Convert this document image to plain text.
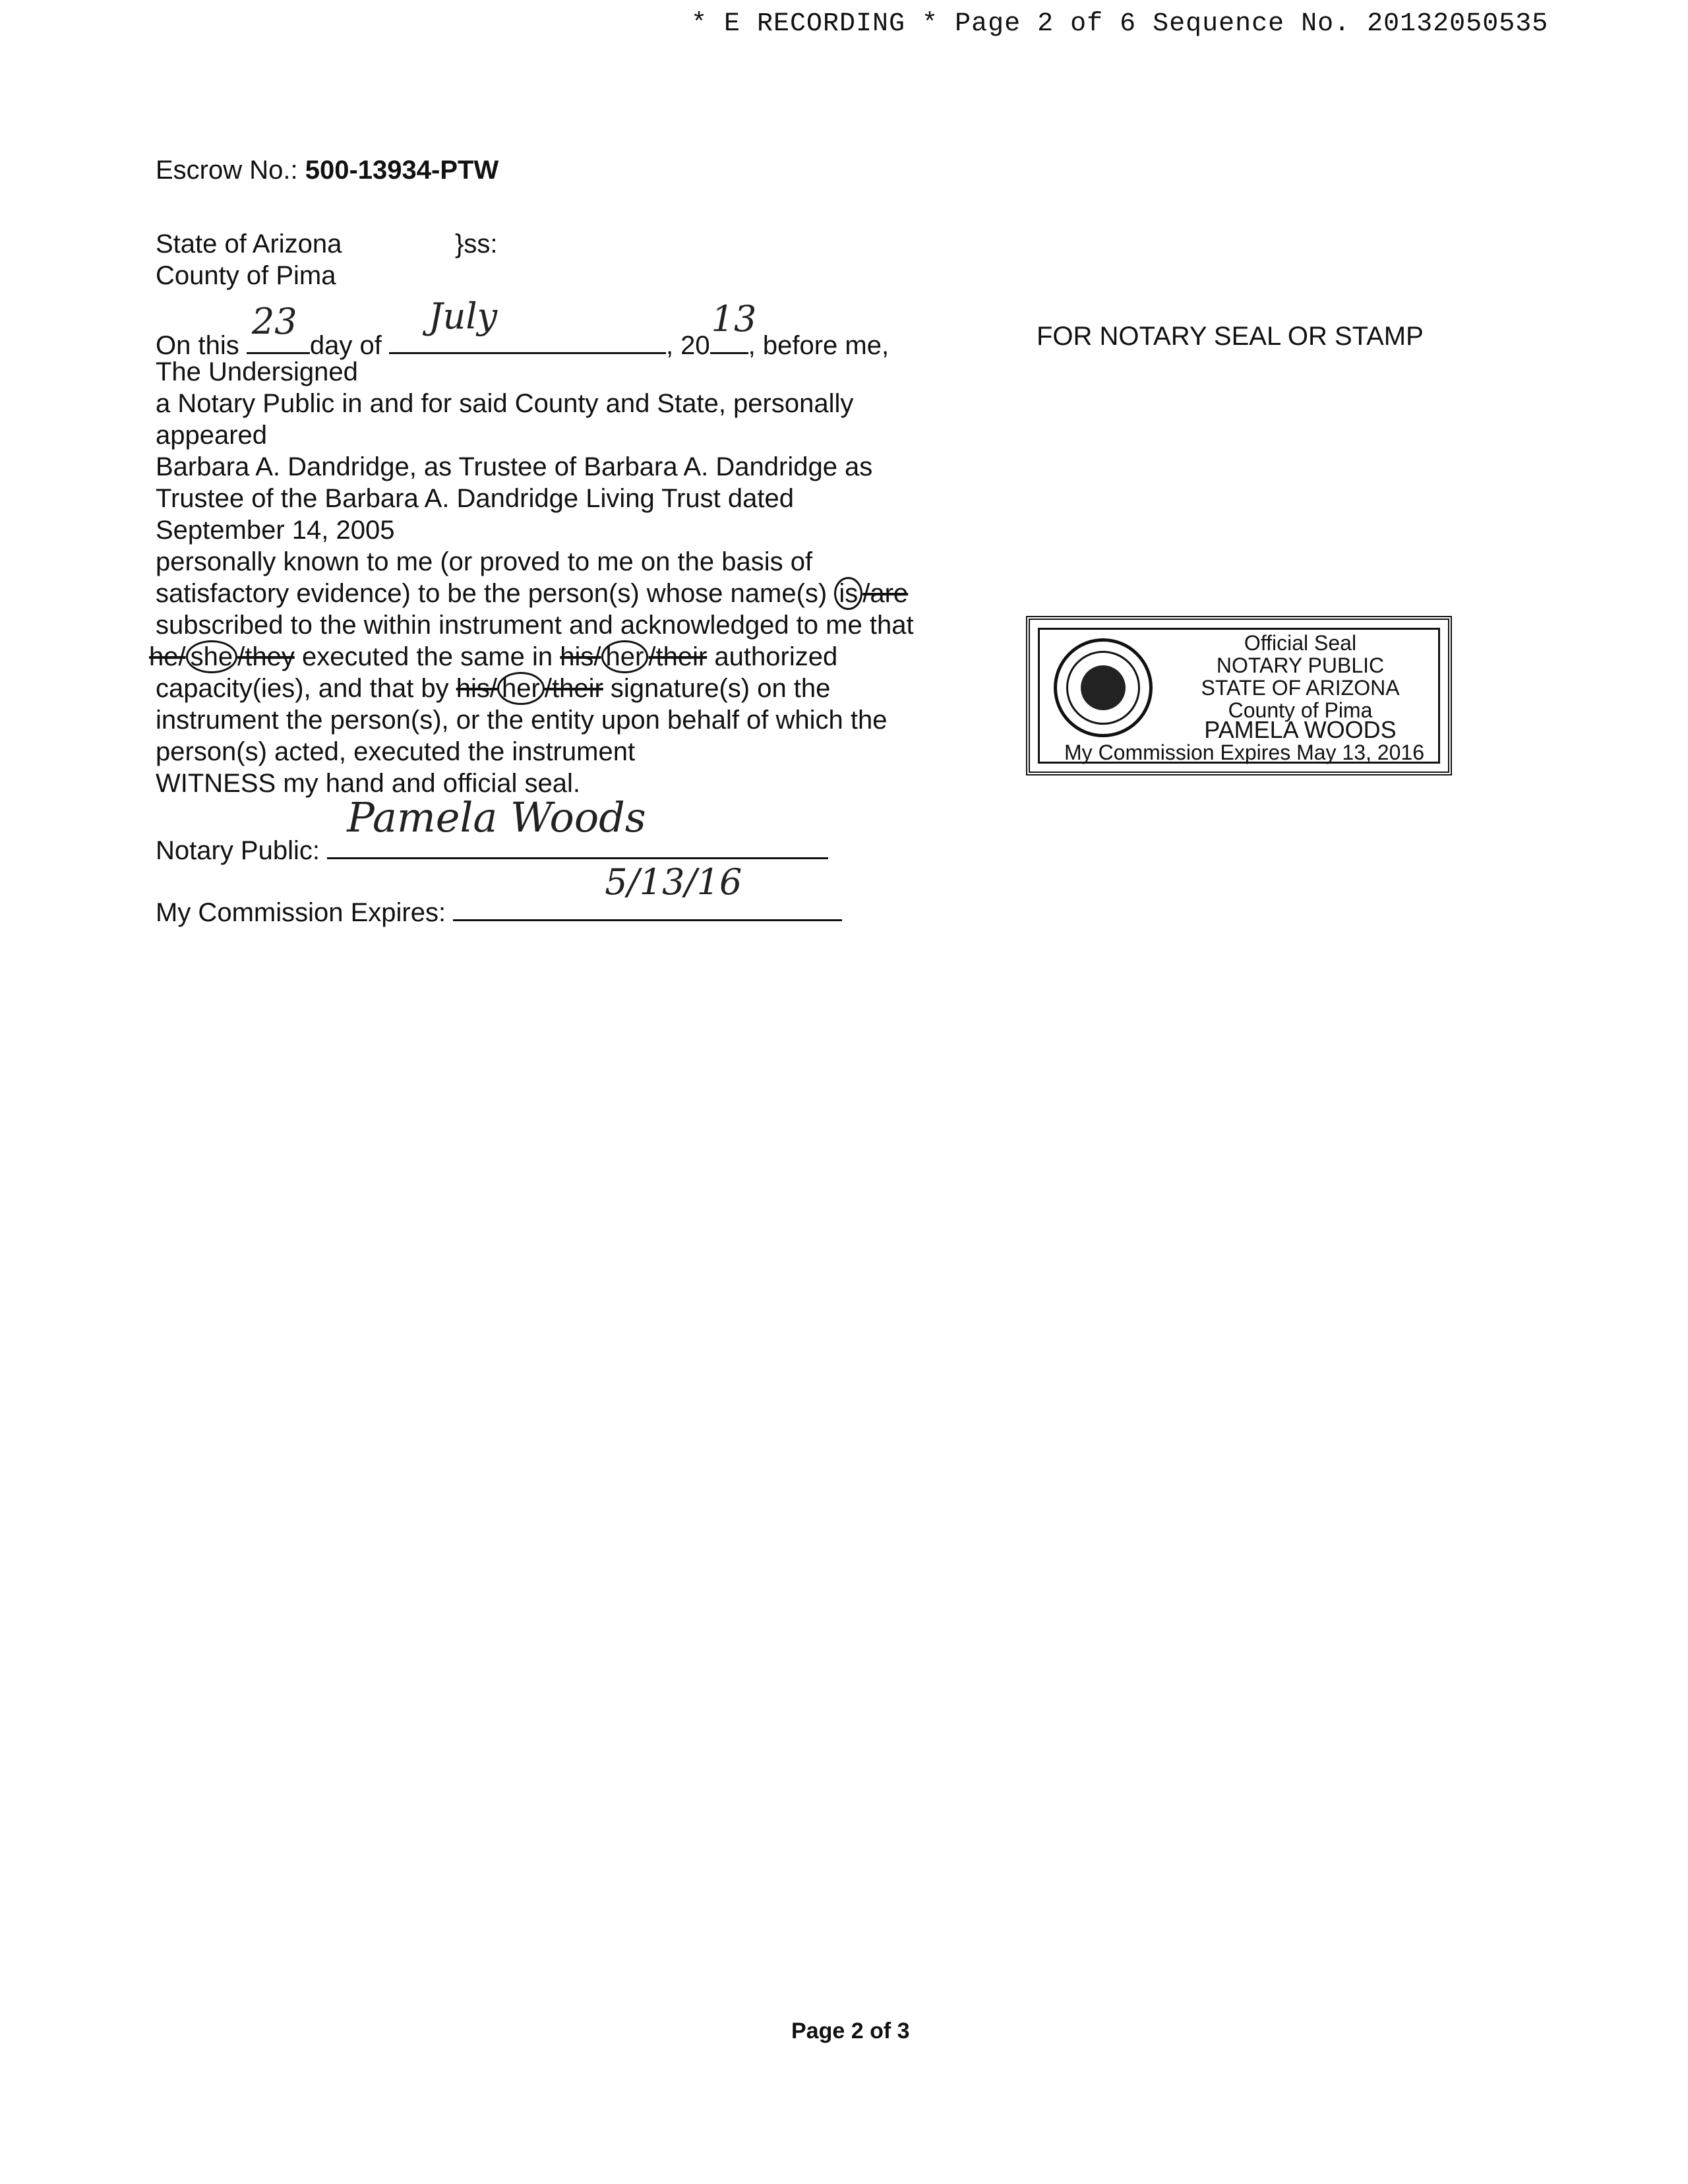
* E RECORDING * Page 2 of 6 Sequence No. 20132050535
Escrow No.: 500-13934-PTW
State of Arizona	}ss:
County of Pima
On this
23
day of
July
, 20
13
, before me,
The Undersigned
a Notary Public in and for said County and State, personally
appeared
Barbara A. Dandridge, as Trustee of Barbara A. Dandridge as
Trustee of the Barbara A. Dandridge Living Trust dated
September 14, 2005
personally known to me (or proved to me on the basis of
satisfactory evidence) to be the person(s) whose name(s) is /are
subscribed to the within instrument and acknowledged to me that
he/ she /they executed the same in his/ her /their authorized
capacity(ies), and that by his/ her /their signature(s) on the
instrument the person(s), or the entity upon behalf of which the
person(s) acted, executed the instrument
WITNESS my hand and official seal.
Notary Public:
Pamela Woods
My Commission Expires:
5/13/16
FOR NOTARY SEAL OR STAMP
Official Seal
NOTARY PUBLIC
STATE OF ARIZONA
County of Pima
PAMELA WOODS
My Commission Expires May 13, 2016
Page 2 of 3
